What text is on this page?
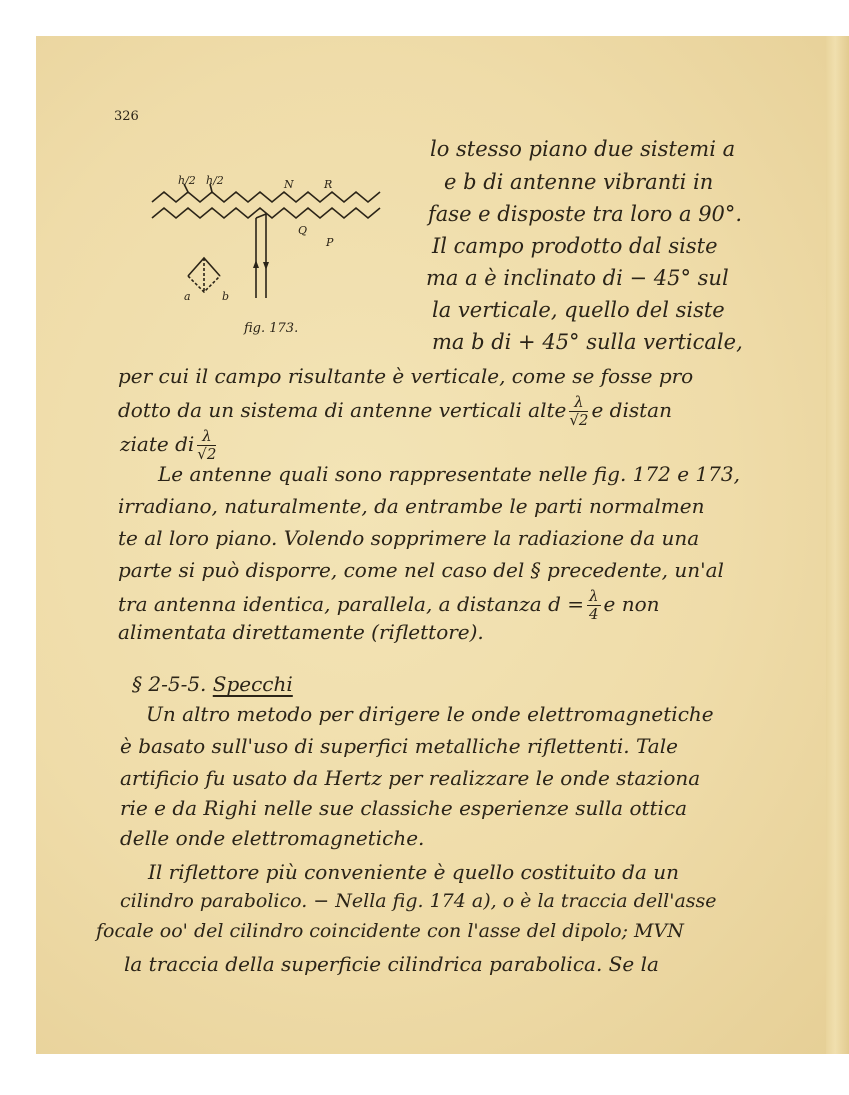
326
h/2 h/2	N	R
Q
P
a	b
fig. 173.
lo stesso piano due sistemi a
e b di antenne vibranti in
fase e disposte tra loro a 90°.
Il campo prodotto dal siste
ma a è inclinato di − 45° sul
la verticale, quello del siste
ma b di + 45° sulla verticale,
per cui il campo risultante è verticale, come se fosse pro
dotto da un sistema di antenne verticali alte $\frac{\lambda}{√2}$ e distan
ziate di $\frac{\lambda}{√2}$
Le antenne quali sono rappresentate nelle fig. 172 e 173,
irradiano, naturalmente, da entrambe le parti normalmen
te al loro piano. Volendo sopprimere la radiazione da una
parte si può disporre, come nel caso del § precedente, un'al
tra antenna identica, parallela, a distanza $d = \frac{\lambda}{4}$ e non
alimentata direttamente (riflettore).
§ 2-5-5. Specchi
Un altro metodo per dirigere le onde elettromagnetiche
è basato sull'uso di superfici metalliche riflettenti. Tale
artificio fu usato da Hertz per realizzare le onde staziona
rie e da Righi nelle sue classiche esperienze sulla ottica
delle onde elettromagnetiche.
Il riflettore più conveniente è quello costituito da un
cilindro parabolico. − Nella fig. 174 a), o è la traccia dell'asse
focale oo' del cilindro coincidente con l'asse del dipolo; MVN
la traccia della superficie cilindrica parabolica. Se la
